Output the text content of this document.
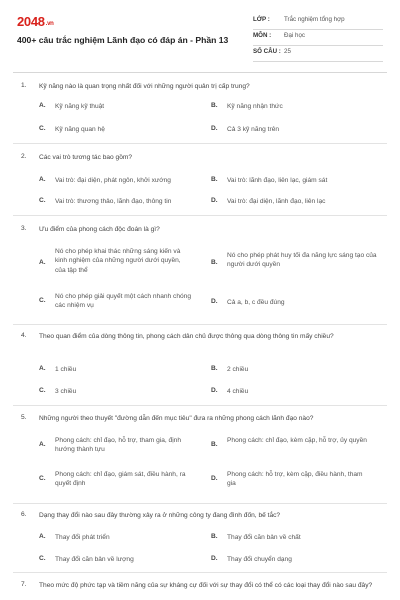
2048.vn
400+ câu trắc nghiệm Lãnh đạo có đáp án - Phần 13
LỚP : Trắc nghiệm tổng hợp
MÔN : Đại học
SỐ CÂU : 25
1. Kỹ năng nào là quan trọng nhất đối với những người quản trị cấp trung?
A. Kỹ năng kỹ thuật	B. Kỹ năng nhận thức
C. Kỹ năng quan hệ	D. Cả 3 kỹ năng trên
2. Các vai trò tương tác bao gồm?
A. Vai trò: đại diện, phát ngôn, khởi xướng	B. Vai trò: lãnh đạo, liên lạc, giám sát
C. Vai trò: thương thảo, lãnh đạo, thông tin	D. Vai trò: đại diện, lãnh đạo, liên lạc
3. Ưu điểm của phong cách độc đoán là gì?
A.
Nó cho phép khai thác những sáng kiến và kinh nghiệm của những người dưới quyền, của tập thể
B.
Nó cho phép phát huy tối đa năng lực sáng tạo của người dưới quyền
C.
Nó cho phép giải quyết một cách nhanh chóng các nhiệm vụ
D. Cả a, b, c đều đúng
4. Theo quan điểm của dòng thông tin, phong cách dân chủ được thông qua dòng thông tin mấy chiều?
A. 1 chiều	B. 2 chiều
C. 3 chiều	D. 4 chiều
5. Những người theo thuyết "đường dẫn đến mục tiêu" đưa ra những phong cách lãnh đạo nào?
A.
Phong cách: chỉ đạo, hỗ trợ, tham gia, định hướng thành tựu
B.
Phong cách: chỉ đạo, kèm cặp, hỗ trợ, ủy quyền
C.
Phong cách: chỉ đạo, giám sát, điều hành, ra quyết định
D.
Phong cách: hỗ trợ, kèm cặp, điều hành, tham gia
6. Dạng thay đổi nào sau đây thường xảy ra ở những công ty đang đình đốn, bế tắc?
A. Thay đổi phát triển	B. Thay đổi căn bản về chất
C. Thay đổi căn bản về lượng	D. Thay đổi chuyển dạng
7. Theo mức độ phức tạp và tiềm năng của sự kháng cự đối với sự thay đổi có thể có các loại thay đổi nào sau đây?
